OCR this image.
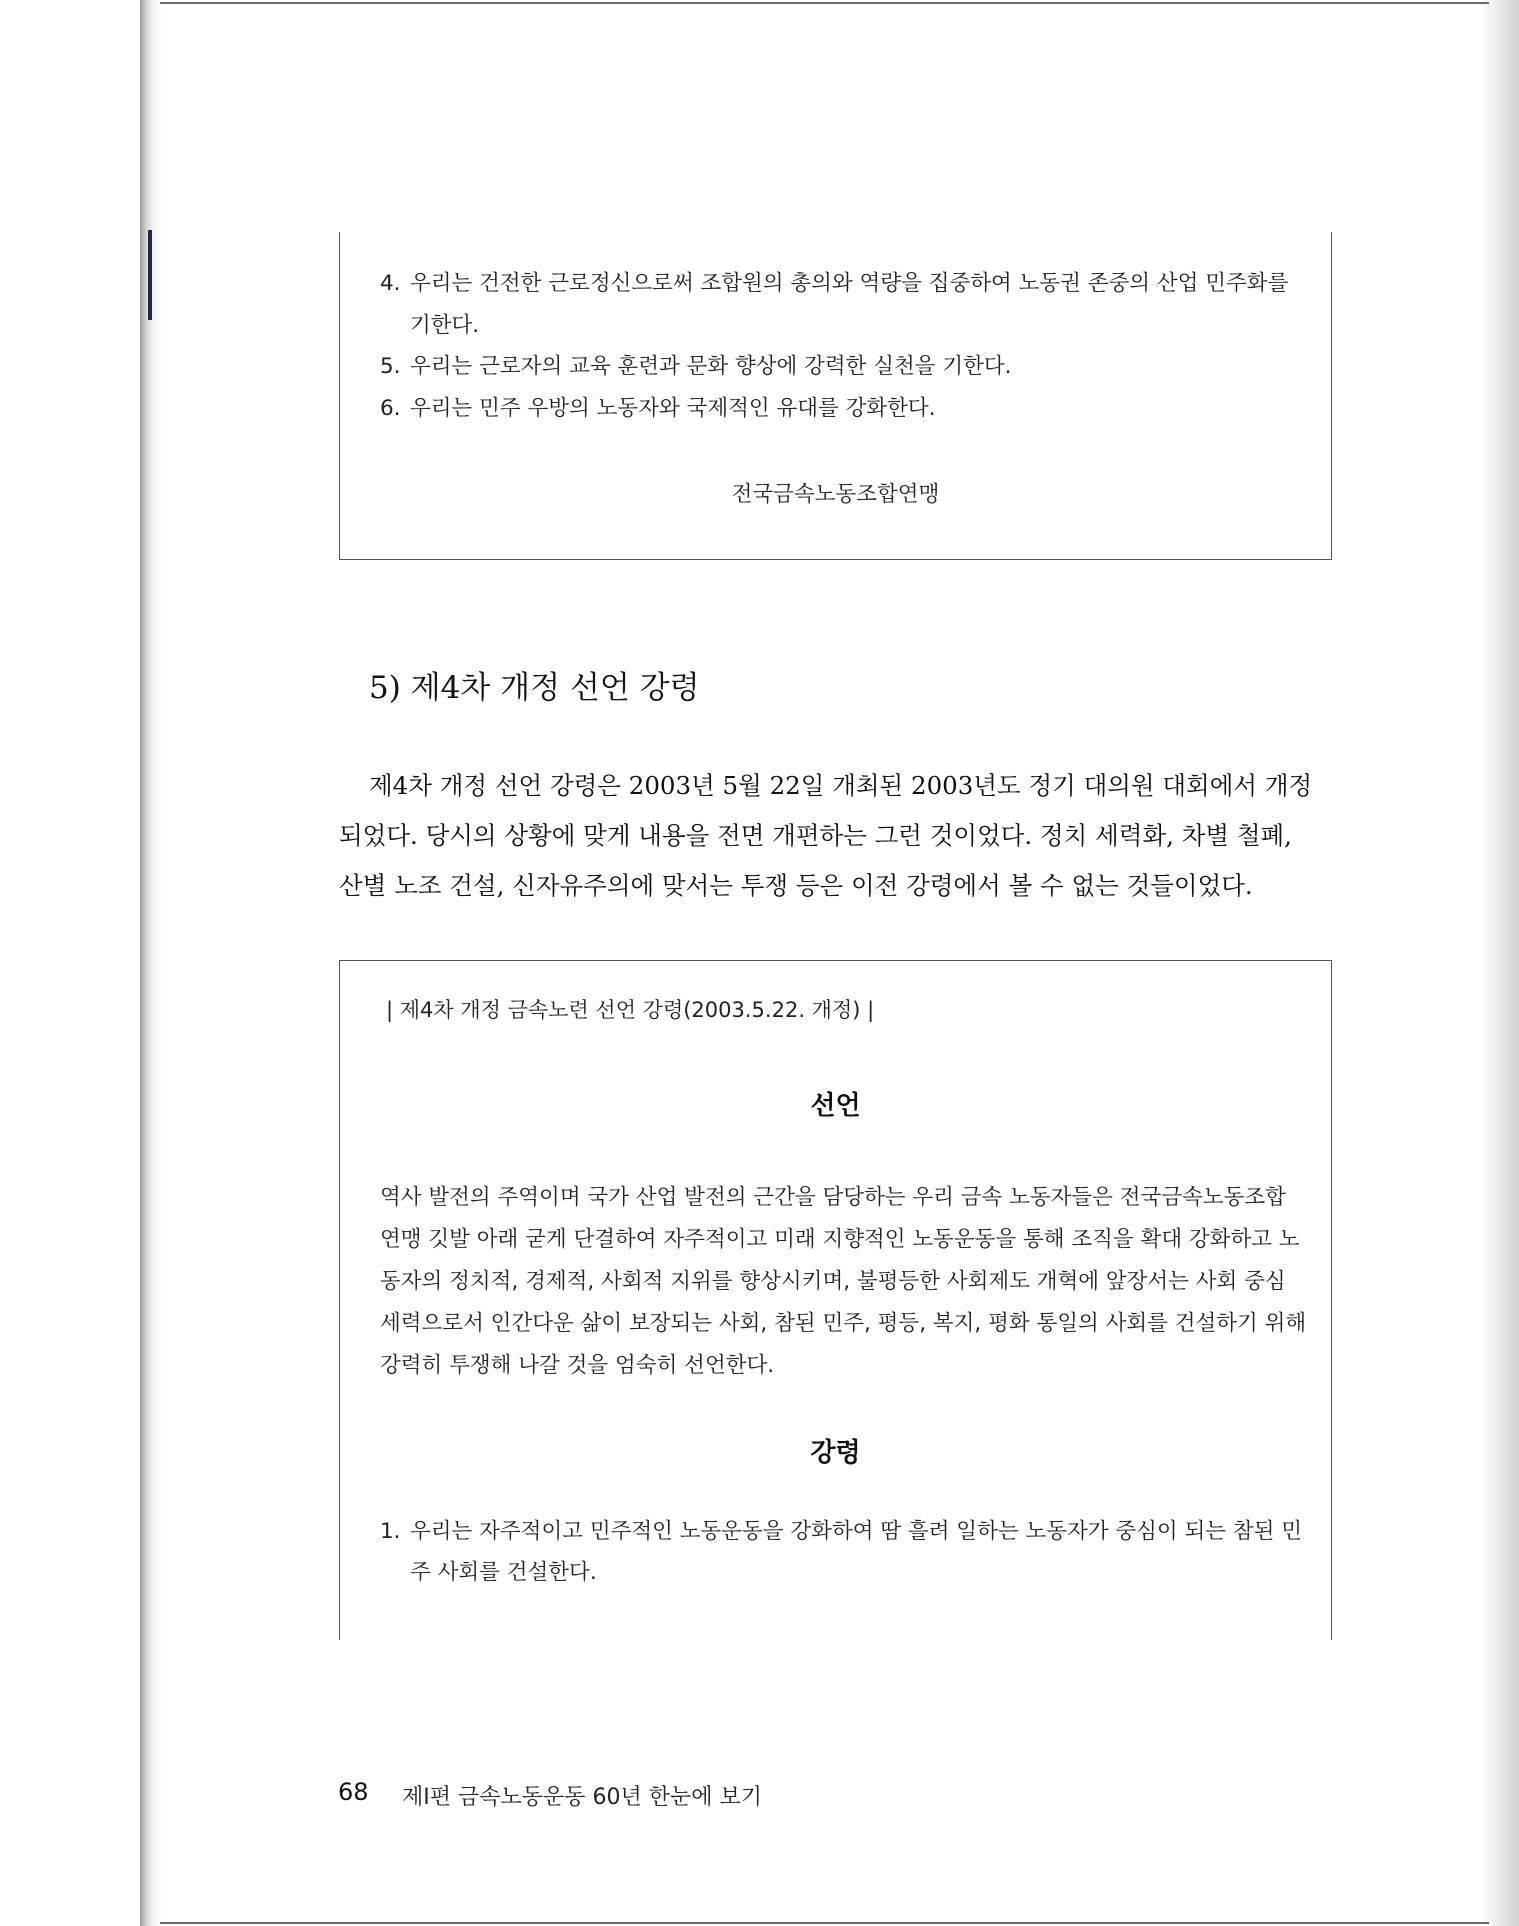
4. 우리는 건전한 근로정신으로써 조합원의 총의와 역량을 집중하여 노동권 존중의 산업 민주화를
기한다.
5. 우리는 근로자의 교육 훈련과 문화 향상에 강력한 실천을 기한다.
6. 우리는 민주 우방의 노동자와 국제적인 유대를 강화한다.
전국금속노동조합연맹
5) 제4차 개정 선언 강령
제4차 개정 선언 강령은 2003년 5월 22일 개최된 2003년도 정기 대의원 대회에서 개정
되었다. 당시의 상황에 맞게 내용을 전면 개편하는 그런 것이었다. 정치 세력화, 차별 철폐,
산별 노조 건설, 신자유주의에 맞서는 투쟁 등은 이전 강령에서 볼 수 없는 것들이었다.
| 제4차 개정 금속노련 선언 강령(2003.5.22. 개정) |
선언
역사 발전의 주역이며 국가 산업 발전의 근간을 담당하는 우리 금속 노동자들은 전국금속노동조합
연맹 깃발 아래 굳게 단결하여 자주적이고 미래 지향적인 노동운동을 통해 조직을 확대 강화하고 노
동자의 정치적, 경제적, 사회적 지위를 향상시키며, 불평등한 사회제도 개혁에 앞장서는 사회 중심
세력으로서 인간다운 삶이 보장되는 사회, 참된 민주, 평등, 복지, 평화 통일의 사회를 건설하기 위해
강력히 투쟁해 나갈 것을 엄숙히 선언한다.
강령
1. 우리는 자주적이고 민주적인 노동운동을 강화하여 땀 흘려 일하는 노동자가 중심이 되는 참된 민
주 사회를 건설한다.
68 제Ⅰ편 금속노동운동 60년 한눈에 보기
